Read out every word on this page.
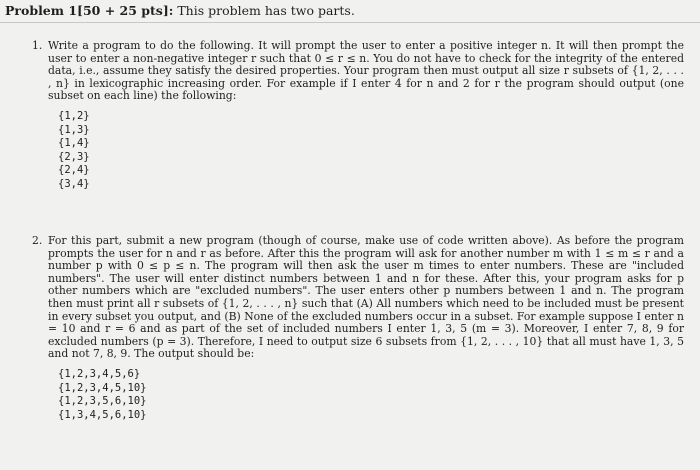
Problem 1[50 + 25 pts]: This problem has two parts.
1. Write a program to do the following. It will prompt the user to enter a positive integer n. It will then prompt the user to enter a non-negative integer r such that 0 ≤ r ≤ n. You do not have to check for the integrity of the entered data, i.e., assume they satisfy the desired properties. Your program then must output all size r subsets of {1, 2, . . . , n} in lexicographic increasing order. For example if I enter 4 for n and 2 for r the program should output (one subset on each line) the following:

{1,2}
{1,3}
{1,4}
{2,3}
{2,4}
{3,4}
2. For this part, submit a new program (though of course, make use of code written above). As before the program prompts the user for n and r as before. After this the program will ask for another number m with 1 ≤ m ≤ r and a number p with 0 ≤ p ≤ n. The program will then ask the user m times to enter numbers. These are "included numbers". The user will enter distinct numbers between 1 and n for these. After this, your program asks for p other numbers which are "excluded numbers". The user enters other p numbers between 1 and n. The program then must print all r subsets of {1, 2, . . . , n} such that (A) All numbers which need to be included must be present in every subset you output, and (B) None of the excluded numbers occur in a subset. For example suppose I enter n = 10 and r = 6 and as part of the set of included numbers I enter 1, 3, 5 (m = 3). Moreover, I enter 7, 8, 9 for excluded numbers (p = 3). Therefore, I need to output size 6 subsets from {1, 2, . . . , 10} that all must have 1, 3, 5 and not 7, 8, 9. The output should be:

{1,2,3,4,5,6}
{1,2,3,4,5,10}
{1,2,3,5,6,10}
{1,3,4,5,6,10}
